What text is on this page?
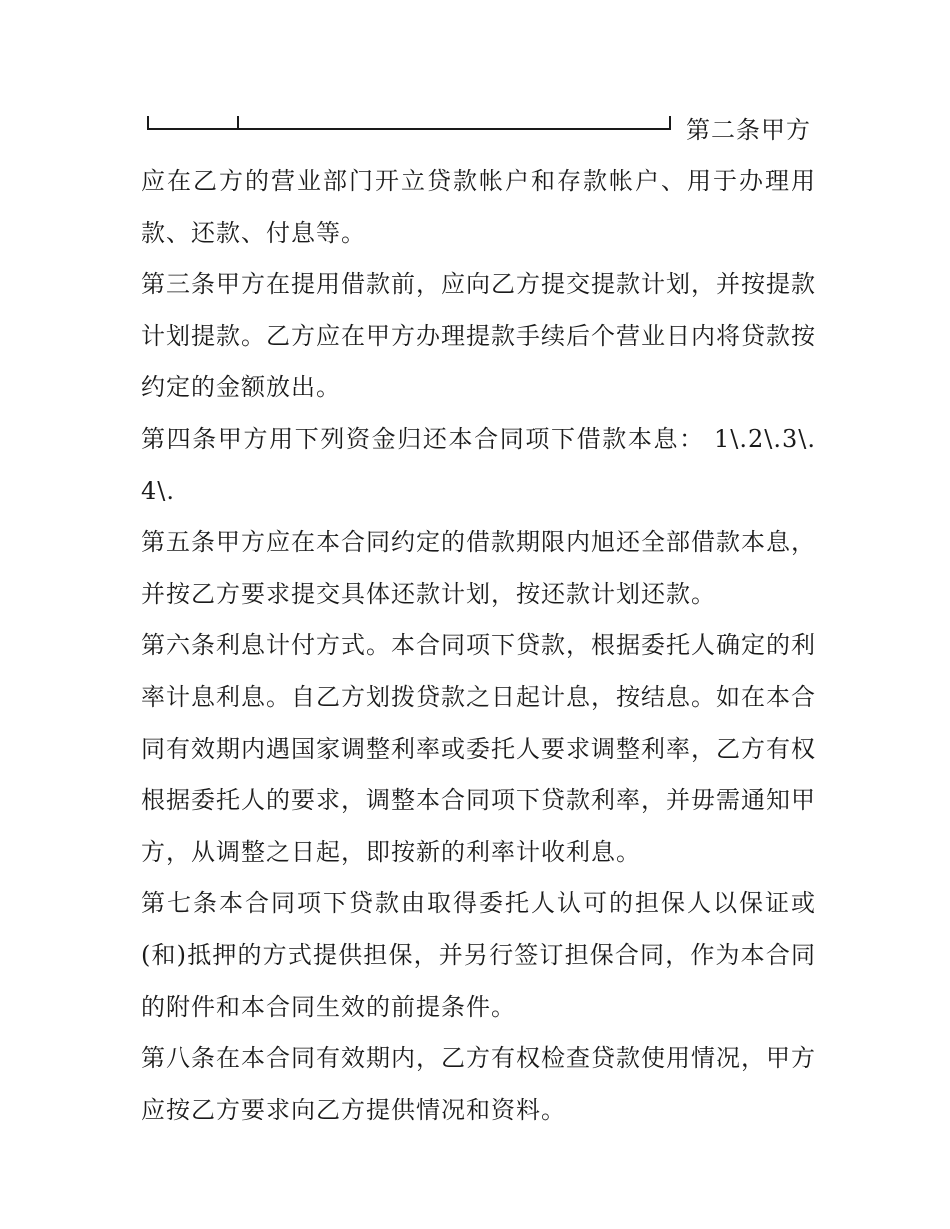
第二条甲方

应在乙方的营业部门开立贷款帐户和存款帐户、用于办理用款、还款、付息等。

第三条甲方在提用借款前，应向乙方提交提款计划，并按提款计划提款。乙方应在甲方办理提款手续后个营业日内将贷款按约定的金额放出。

第四条甲方用下列资金归还本合同项下借款本息： 1\.2\.3\. 4\.

第五条甲方应在本合同约定的借款期限内旭还全部借款本息，并按乙方要求提交具体还款计划，按还款计划还款。

第六条利息计付方式。本合同项下贷款，根据委托人确定的利率计息利息。自乙方划拨贷款之日起计息，按结息。如在本合同有效期内遇国家调整利率或委托人要求调整利率，乙方有权根据委托人的要求，调整本合同项下贷款利率，并毋需通知甲方，从调整之日起，即按新的利率计收利息。

第七条本合同项下贷款由取得委托人认可的担保人以保证或(和)抵押的方式提供担保，并另行签订担保合同，作为本合同的附件和本合同生效的前提条件。

第八条在本合同有效期内，乙方有权检查贷款使用情况，甲方应按乙方要求向乙方提供情况和资料。
